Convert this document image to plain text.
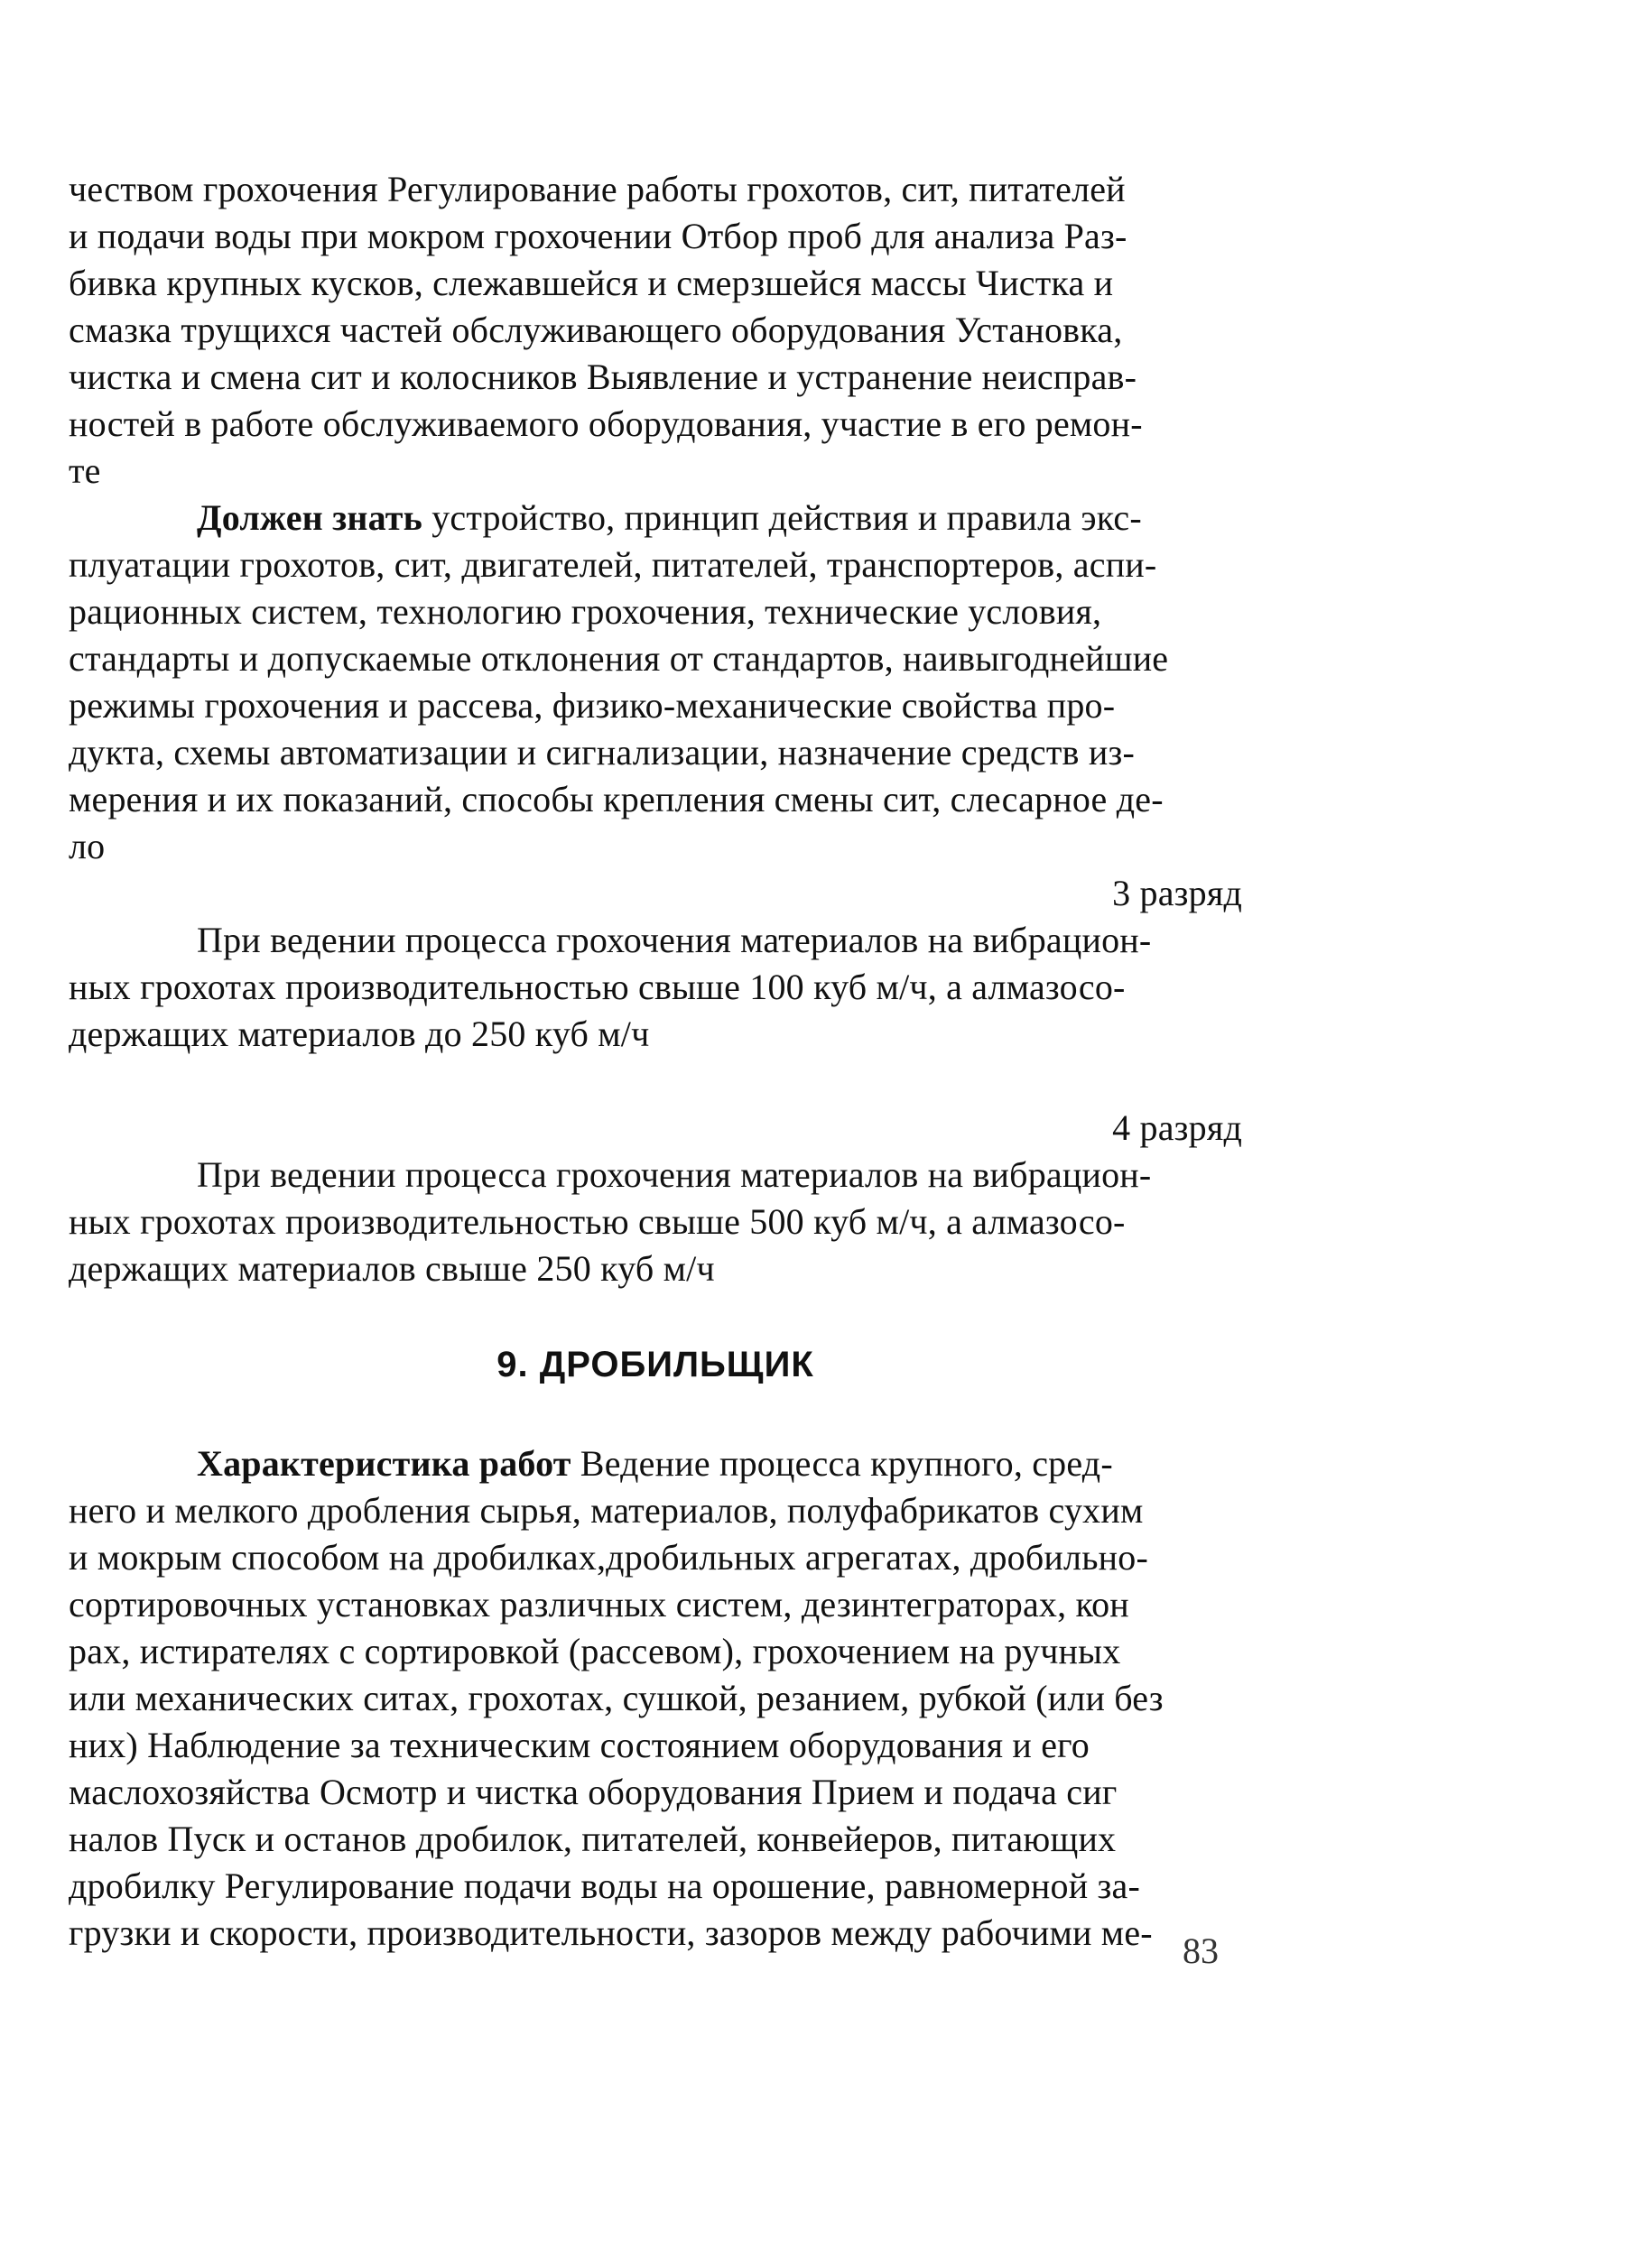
чеством грохочения Регулирование работы грохотов, сит, питателей
и подачи воды при мокром грохочении Отбор проб для анализа Раз-
бивка крупных кусков, слежавшейся и смерзшейся массы Чистка и
смазка трущихся частей обслуживающего оборудования Установка,
чистка и смена сит и колосников Выявление и устранение неисправ-
ностей в работе обслуживаемого оборудования, участие в его ремон-
те
Должен знать устройство, принцип действия и правила экс-
плуатации грохотов, сит, двигателей, питателей, транспортеров, аспи-
рационных систем, технологию грохочения, технические условия,
стандарты и допускаемые отклонения от стандартов, наивыгоднейшие
режимы грохочения и рассева, физико-механические свойства про-
дукта, схемы автоматизации и сигнализации, назначение средств из-
мерения и их показаний, способы крепления смены сит, слесарное де-
ло
3 разряд
При ведении процесса грохочения материалов на вибрацион-
ных грохотах производительностью свыше 100 куб м/ч, а алмазосо-
держащих материалов до 250 куб м/ч
4 разряд
При ведении процесса грохочения материалов на вибрацион-
ных грохотах производительностью свыше 500 куб м/ч, а алмазосо-
держащих материалов свыше 250 куб м/ч
9. ДРОБИЛЬЩИК
Характеристика работ Ведение процесса крупного, сред-
него и мелкого дробления сырья, материалов, полуфабрикатов сухим
и мокрым способом на дробилках,дробильных агрегатах, дробильно-
сортировочных установках различных систем, дезинтеграторах, кон
рах, истирателях с сортировкой (рассевом), грохочением на ручных
или механических ситах, грохотах, сушкой, резанием, рубкой (или без
них) Наблюдение за техническим состоянием оборудования и его
маслохозяйства Осмотр и чистка оборудования Прием и подача сиг
налов Пуск и останов дробилок, питателей, конвейеров, питающих
дробилку Регулирование подачи воды на орошение, равномерной за-
грузки и скорости, производительности, зазоров между рабочими ме- 83
